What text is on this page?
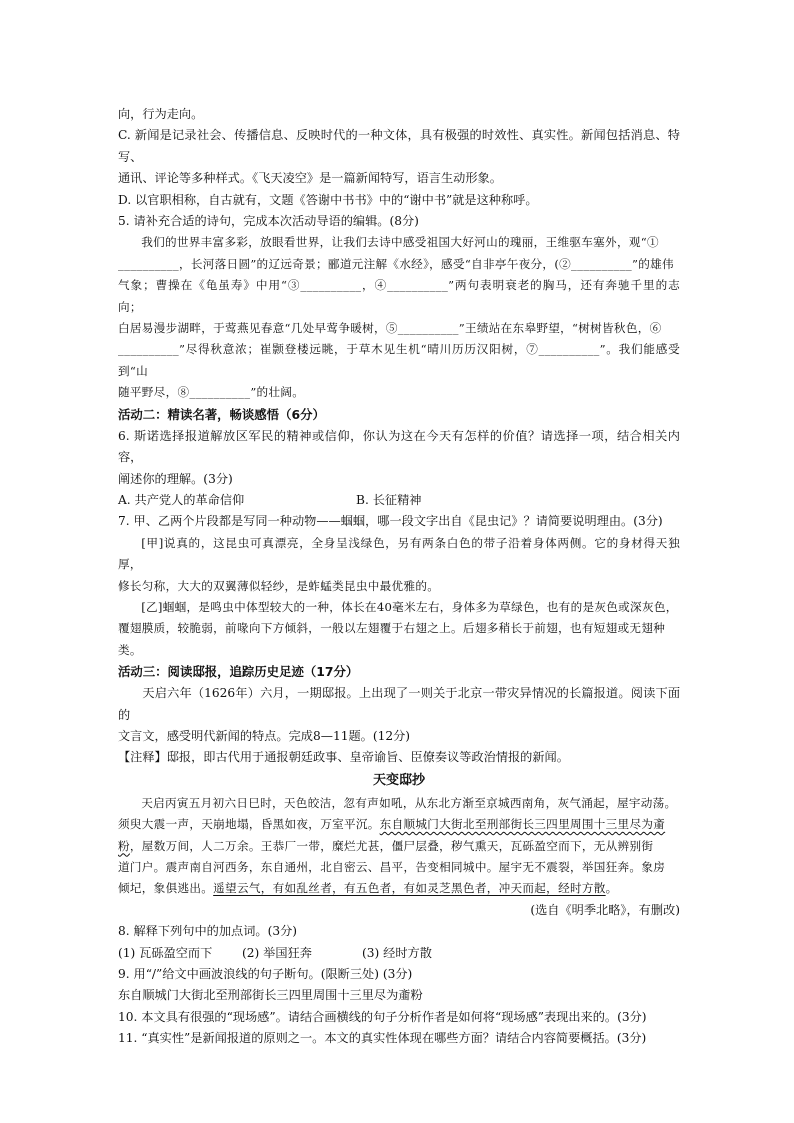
向，行为走向。

C. 新闻是记录社会、传播信息、反映时代的一种文体，具有极强的时效性、真实性。新闻包括消息、特写、

通讯、评论等多种样式。《飞天凌空》是一篇新闻特写，语言生动形象。

D. 以官职相称，自古就有，文题《答谢中书书》中的“谢中书”就是这种称呼。

5. 请补充合适的诗句，完成本次活动导语的编辑。(8分)

我们的世界丰富多彩，放眼看世界，让我们去诗中感受祖国大好河山的瑰丽，王维驱车塞外，观“①

__________，长河落日圆”的辽远奇景；郦道元注解《水经》，感受“自非亭午夜分，(②__________”的雄伟

气象；曹操在《龟虽寿》中用“③__________，④__________”两句表明衰老的胸马，还有奔驰千里的志向；

白居易漫步湖畔，于莺燕见春意“几处早莺争暖树，⑤__________”王绩站在东皋野望，“树树皆秋色，⑥

__________”尽得秋意浓；崔颢登楼远眺，于草木见生机“晴川历历汉阳树，⑦__________”。我们能感受到“山

随平野尽，⑧__________”的壮阔。

活动二：精读名著，畅谈感悟（6分）

6. 斯诺选择报道解放区军民的精神或信仰，你认为这在今天有怎样的价值？请选择一项，结合相关内容，

阐述你的理解。(3分)

A. 共产党人的革命信仰	B. 长征精神

7. 甲、乙两个片段都是写同一种动物——蝈蝈，哪一段文字出自《昆虫记》？请简要说明理由。(3分)

[甲]说真的，这昆虫可真漂亮，全身呈浅绿色，另有两条白色的带子沿着身体两侧。它的身材得天独厚，

修长匀称，大大的双翼薄似轻纱，是蚱蜢类昆虫中最优雅的。

[乙]蝈蝈，是鸣虫中体型较大的一种，体长在40毫米左右，身体多为草绿色，也有的是灰色或深灰色，

覆翅膜质，较脆弱，前喙向下方倾斜，一般以左翅覆于右翅之上。后翅多稍长于前翅，也有短翅或无翅种

类。

活动三：阅读邸报，追踪历史足迹（17分）

天启六年（1626年）六月，一期邸报。上出现了一则关于北京一带灾异情况的长篇报道。阅读下面的

文言文，感受明代新闻的特点。完成8—11题。(12分)

【注释】邸报，即古代用于通报朝廷政事、皇帝谕旨、臣僚奏议等政治情报的新闻。

天变邸抄

天启丙寅五月初六日巳时，天色皎洁，忽有声如吼，从东北方渐至京城西南角，灰气涌起，屋宇动荡。

须臾大震一声，天崩地塌，昏黑如夜，万室平沉。东自顺城门大街北至刑部街长三四里周围十三里尽为齑

粉，屋数万间，人二万余。王恭厂一带，糜烂尤甚，僵尸层叠，秽气熏天，瓦砾盈空而下，无从辨别街

道门户。震声南自河西务，东自通州，北自密云、昌平，告变相同城中。屋宇无不震裂，举国狂奔。象房

倾圮，象俱逃出。遥望云气，有如乱丝者，有五色者，有如灵芝黑色者，冲天而起，经时方散。

(选自《明季北略》，有删改)

8. 解释下列句中的加点词。(3分)

(1) 瓦砾盈空而下	(2) 举国狂奔	(3) 经时方散

9. 用“/”给文中画波浪线的句子断句。(限断三处) (3分)

东自顺城门大街北至刑部街长三四里周围十三里尽为齑粉

10. 本文具有很强的“现场感”。请结合画横线的句子分析作者是如何将“现场感”表现出来的。(3分)

11. “真实性”是新闻报道的原则之一。本文的真实性体现在哪些方面？请结合内容简要概括。(3分)
